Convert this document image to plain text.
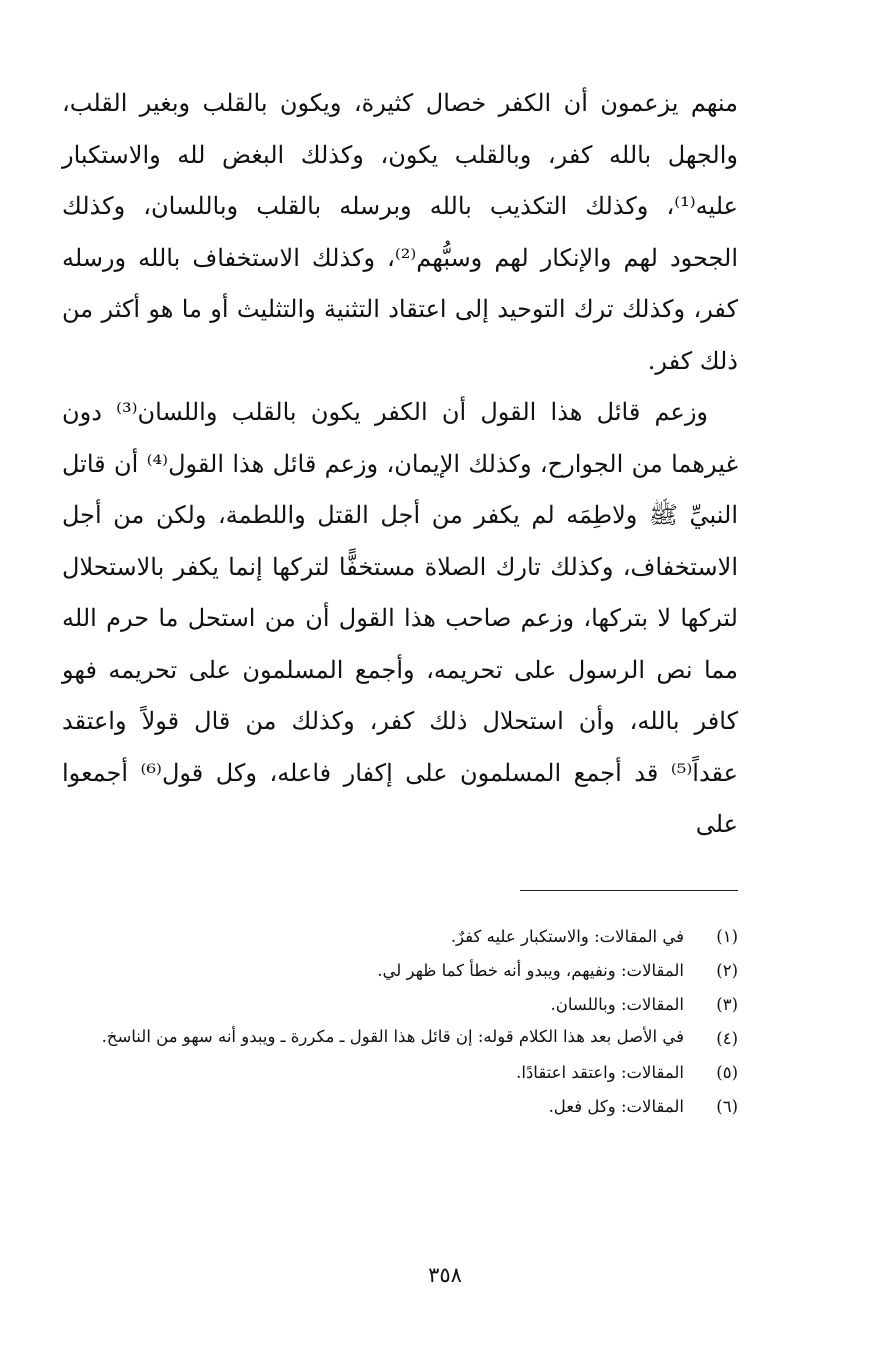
منهم يزعمون أن الكفر خصال كثيرة، ويكون بالقلب وبغير القلب، والجهل بالله كفر، وبالقلب يكون، وكذلك البغض لله والاستكبار عليه⁽¹⁾، وكذلك التكذيب بالله وبرسله بالقلب وباللسان، وكذلك الجحود لهم والإنكار لهم وسبُّهم⁽²⁾، وكذلك الاستخفاف بالله ورسله كفر، وكذلك ترك التوحيد إلى اعتقاد التثنية والتثليث أو ما هو أكثر من ذلك كفر.

وزعم قائل هذا القول أن الكفر يكون بالقلب واللسان⁽³⁾ دون غيرهما من الجوارح، وكذلك الإيمان، وزعم قائل هذا القول⁽⁴⁾ أن قاتل النبيِّ ﷺ ولاطِمَه لم يكفر من أجل القتل واللطمة، ولكن من أجل الاستخفاف، وكذلك تارك الصلاة مستخفًّا لتركها إنما يكفر بالاستحلال لتركها لا بتركها، وزعم صاحب هذا القول أن من استحل ما حرم الله مما نص الرسول على تحريمه، وأجمع المسلمون على تحريمه فهو كافر بالله، وأن استحلال ذلك كفر، وكذلك من قال قولاً واعتقد عقداً⁽⁵⁾ قد أجمع المسلمون على إكفار فاعله، وكل قول⁽⁶⁾ أجمعوا على

(١)
في المقالات: والاستكبار عليه كفرٌ.
(٢)
المقالات: ونفيهم، ويبدو أنه خطأ كما ظهر لي.
(٣)
المقالات: وباللسان.
(٤)
في الأصل بعد هذا الكلام قوله: إن قائل هذا القول ـ مكررة ـ ويبدو أنه سهو من الناسخ.
(٥)
المقالات: واعتقد اعتقادًا.
(٦)
المقالات: وكل فعل.
٣٥٨
